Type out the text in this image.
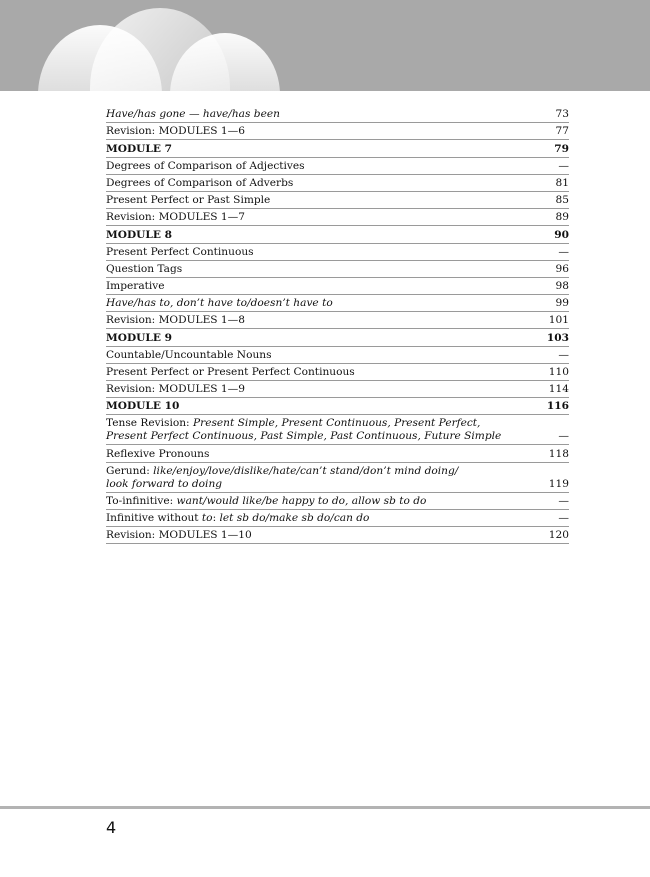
Have/has gone — have/has been	73
Revision: MODULES 1—6	77
MODULE 7	79
Degrees of Comparison of Adjectives	—
Degrees of Comparison of Adverbs	81
Present Perfect or Past Simple	85
Revision: MODULES 1—7	89
MODULE 8	90
Present Perfect Continuous	—
Question Tags	96
Imperative	98
Have/has to, don’t have to/doesn’t have to	99
Revision: MODULES 1—8	101
MODULE 9	103
Countable/Uncountable Nouns	—
Present Perfect or Present Perfect Continuous	110
Revision: MODULES 1—9	114
MODULE 10	116
Tense Revision: Present Simple, Present Continuous, Present Perfect,
Present Perfect Continuous, Past Simple, Past Continuous, Future Simple	—
Reflexive Pronouns	118
Gerund: like/enjoy/love/dislike/hate/can’t stand/don’t mind doing/
look forward to doing	119
To-infinitive: want/would like/be happy to do, allow sb to do	—
Infinitive without to: let sb do/make sb do/can do	—
Revision: MODULES 1—10	120
4
